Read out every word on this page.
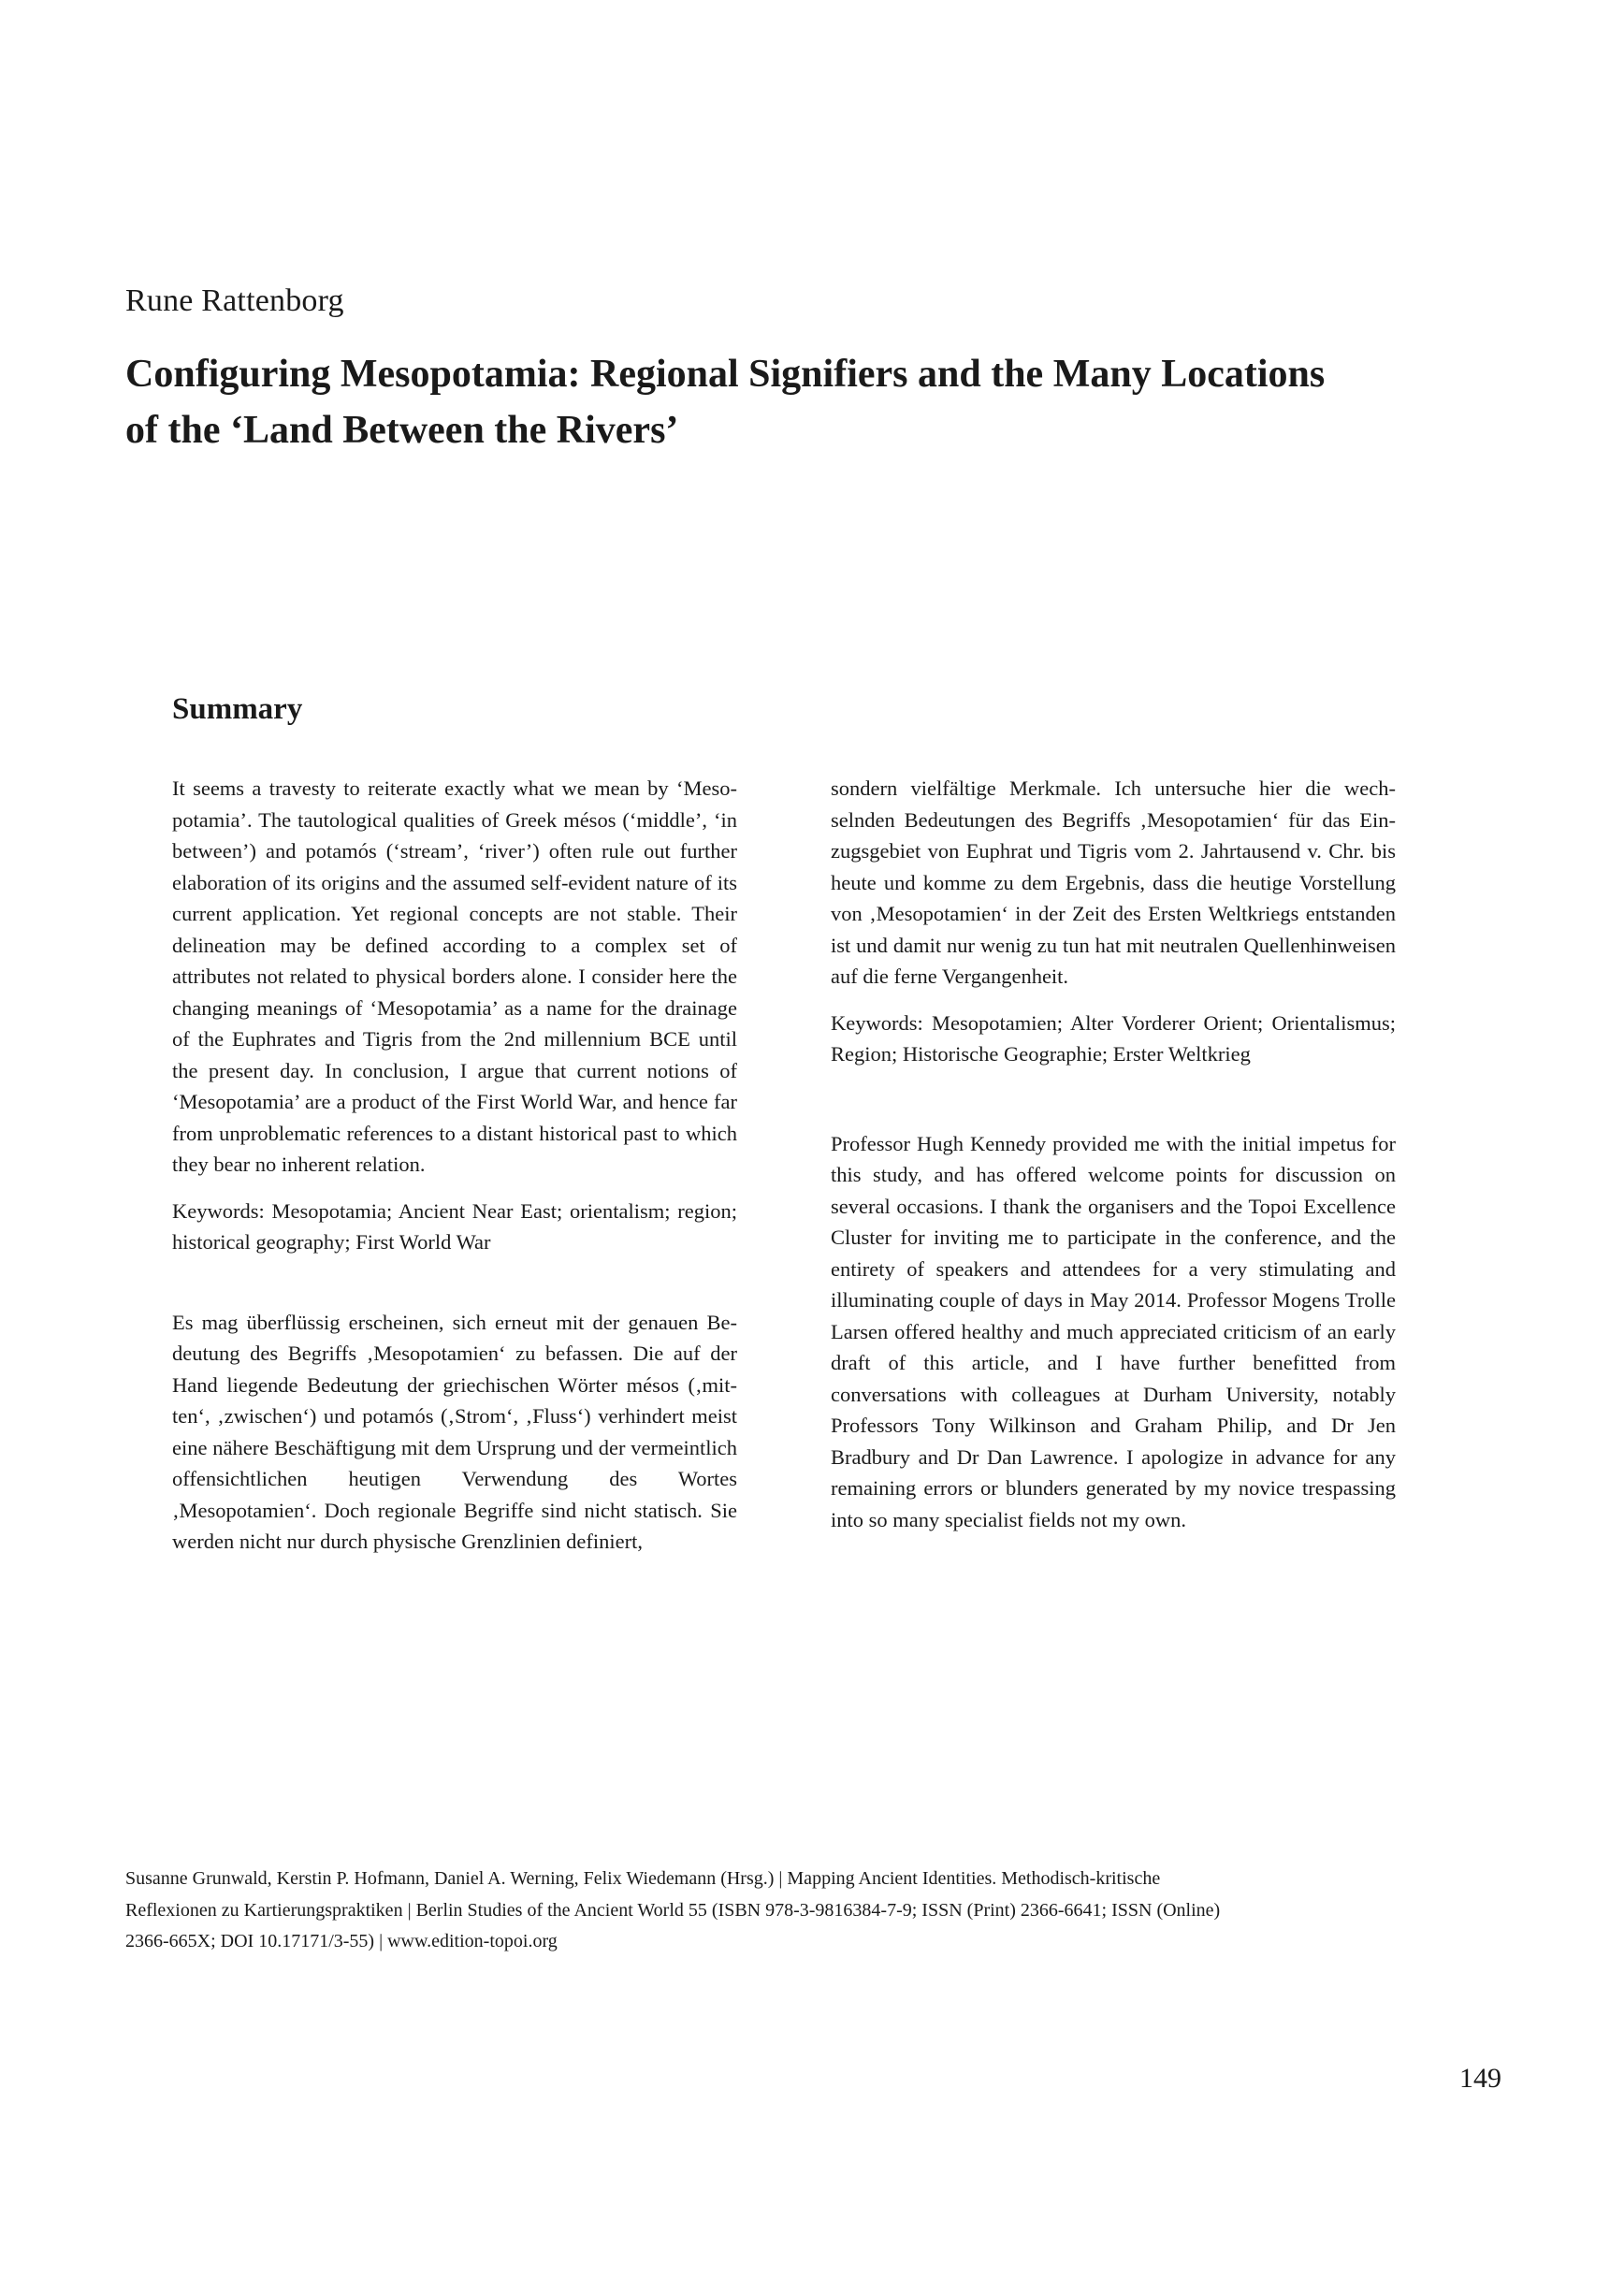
Rune Rattenborg
Configuring Mesopotamia: Regional Signifiers and the Many Locations
of the ‘Land Between the Rivers’
Summary

It seems a travesty to reiterate exactly what we mean by ‘Mesopotamia’. The tautological qualities of Greek mésos (‘middle’, ‘in between’) and potamós (‘stream’, ‘river’) often rule out further elaboration of its origins and the assumed self-evident nature of its current application. Yet regional concepts are not stable. Their delineation may be defined according to a complex set of attributes not related to physical borders alone. I consider here the changing meanings of ‘Mesopotamia’ as a name for the drainage of the Euphrates and Tigris from the 2nd millennium BCE until the present day. In conclusion, I argue that current notions of ‘Mesopotamia’ are a product of the First World War, and hence far from unproblematic references to a distant historical past to which they bear no inherent relation.

Keywords: Mesopotamia; Ancient Near East; orientalism; region; historical geography; First World War

Es mag überflüssig erscheinen, sich erneut mit der genauen Bedeutung des Begriffs ‚Mesopotamien‘ zu befassen. Die auf der Hand liegende Bedeutung der griechischen Wörter mésos (‚mitten‘, ‚zwischen‘) und potamós (‚Strom‘, ‚Fluss‘) verhindert meist eine nähere Beschäftigung mit dem Ursprung und der vermeintlich offensichtlichen heutigen Verwendung des Wortes ‚Mesopotamien‘. Doch regionale Begriffe sind nicht statisch. Sie werden nicht nur durch physische Grenzlinien definiert,

sondern vielfältige Merkmale. Ich untersuche hier die wechselnden Bedeutungen des Begriffs ‚Mesopotamien‘ für das Einzugsgebiet von Euphrat und Tigris vom 2. Jahrtausend v. Chr. bis heute und komme zu dem Ergebnis, dass die heutige Vorstellung von ‚Mesopotamien‘ in der Zeit des Ersten Weltkriegs entstanden ist und damit nur wenig zu tun hat mit neutralen Quellenhinweisen auf die ferne Vergangenheit.

Keywords: Mesopotamien; Alter Vorderer Orient; Orientalismus; Region; Historische Geographie; Erster Weltkrieg

Professor Hugh Kennedy provided me with the initial impetus for this study, and has offered welcome points for discussion on several occasions. I thank the organisers and the Topoi Excellence Cluster for inviting me to participate in the conference, and the entirety of speakers and attendees for a very stimulating and illuminating couple of days in May 2014. Professor Mogens Trolle Larsen offered healthy and much appreciated criticism of an early draft of this article, and I have further benefitted from conversations with colleagues at Durham University, notably Professors Tony Wilkinson and Graham Philip, and Dr Jen Bradbury and Dr Dan Lawrence. I apologize in advance for any remaining errors or blunders generated by my novice trespassing into so many specialist fields not my own.

Susanne Grunwald, Kerstin P. Hofmann, Daniel A. Werning, Felix Wiedemann (Hrsg.) | Mapping Ancient Identities. Methodisch-kritische
Reflexionen zu Kartierungspraktiken | Berlin Studies of the Ancient World 55 (ISBN 978-3-9816384-7-9; ISSN (Print) 2366-6641; ISSN (Online)
2366-665X; DOI 10.17171/3-55) | www.edition-topoi.org
149
